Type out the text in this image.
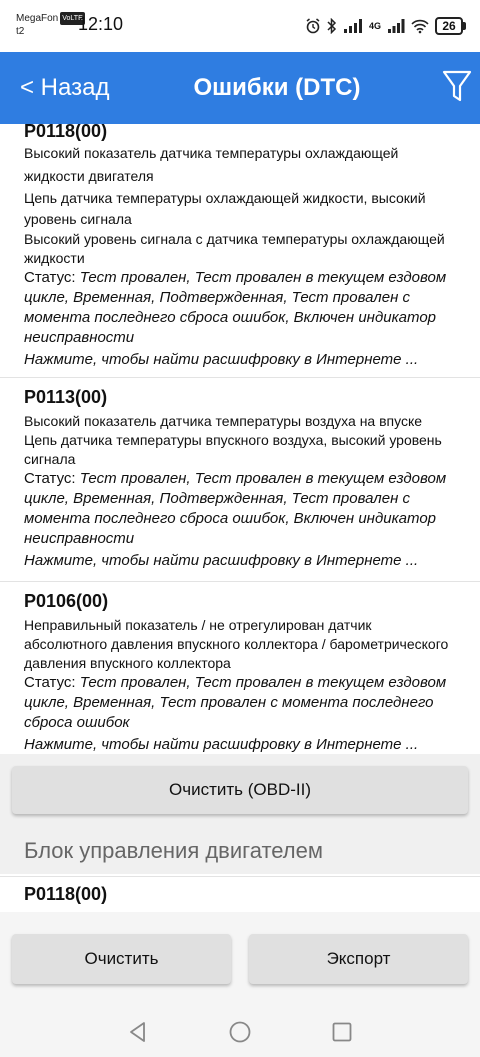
MegaFon VoLTE
t2	12:10	4G	26
< Назад	Ошибки (DTC)
P0118(00)
Высокий показатель датчика температуры охлаждающей жидкости двигателя
Цепь датчика температуры охлаждающей жидкости, высокий уровень сигнала
Высокий уровень сигнала с датчика температуры охлаждающей жидкости
Статус: Тест провален, Тест провален в текущем ездовом цикле, Временная, Подтвержденная, Тест провален с момента последнего сброса ошибок, Включен индикатор неисправности
Нажмите, чтобы найти расшифровку в Интернете ...
P0113(00)
Высокий показатель датчика температуры воздуха на впуске
Цепь датчика температуры впускного воздуха, высокий уровень сигнала
Статус: Тест провален, Тест провален в текущем ездовом цикле, Временная, Подтвержденная, Тест провален с момента последнего сброса ошибок, Включен индикатор неисправности
Нажмите, чтобы найти расшифровку в Интернете ...
P0106(00)
Неправильный показатель / не отрегулирован датчик абсолютного давления впускного коллектора / барометрического давления впускного коллектора
Статус: Тест провален, Тест провален в текущем ездовом цикле, Временная, Тест провален с момента последнего сброса ошибок
Нажмите, чтобы найти расшифровку в Интернете ...
Очистить (OBD-II)
Блок управления двигателем
P0118(00)
Очистить	Экспорт
